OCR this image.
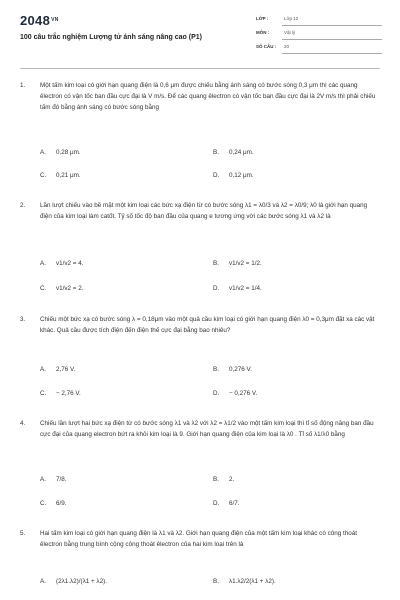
$2048^{VN}$
100 câu trắc nghiệm Lượng tử ánh sáng nâng cao (P1)
LỚP :	Lớp 12
MÔN :	Vật lý
SỐ CÂU : 20
1. Một tấm kim loại có giới hạn quang điện là 0,6 μm được chiếu bằng ánh sáng có bước sóng 0,3 μm thì các quang êlectron có vận tốc ban đầu cực đại là V m/s. Để các quang êlectron có vận tốc ban đầu cực đại là 2V m/s thì phải chiếu tấm đó bằng ánh sáng có bước sóng bằng
A. 0,28 μm.	B. 0,24 μm.
C. 0,21 μm.	D. 0,12 μm.
2. Lần lượt chiếu vào bề mặt một kim loại các bức xạ điện từ có bước sóng λ1 = λ0/3 và λ2 = λ0/9; λ0 là giới hạn quang điện của kim loại làm catốt. Tỷ số tốc độ ban đầu của quang e tương ứng với các bước sóng λ1 và λ2 là
A. v1/v2 = 4.	B. v1/v2 = 1/2.
C. v1/v2 = 2.	D. v1/v2 = 1/4.
3. Chiếu một bức xạ có bước sóng λ = 0,18μm vào một quả cầu kim loại có giới hạn quang điện λ0 = 0,3μm đặt xa các vật khác. Quả cầu được tích điện đến điện thế cực đại bằng bao nhiêu?
A. 2,76 V.	B. 0,276 V.
C. − 2,76 V.	D. − 0,276 V.
4. Chiếu lần lượt hai bức xạ điện từ có bước sóng λ1 và λ2 với λ2 = λ1/2 vào một tấm kim loại thì tỉ số động năng ban đầu cực đại của quang electron bứt ra khỏi kim loại là 9. Giới hạn quang điện của kim loại là λ0 . Tỉ số λ1/λ0 bằng
A. 7/8.	B. 2.
C. 6/9.	D. 6/7.
5. Hai tấm kim loại có giới hạn quang điện là λ1 và λ2. Giới hạn quang điện của một tấm kim loại khác có công thoát êlectron bằng trung bình cộng công thoát êlectron của hai kim loại trên là
A. (2λ1.λ2)/(λ1 + λ2).	B. λ1.λ2/2(λ1 + λ2).
